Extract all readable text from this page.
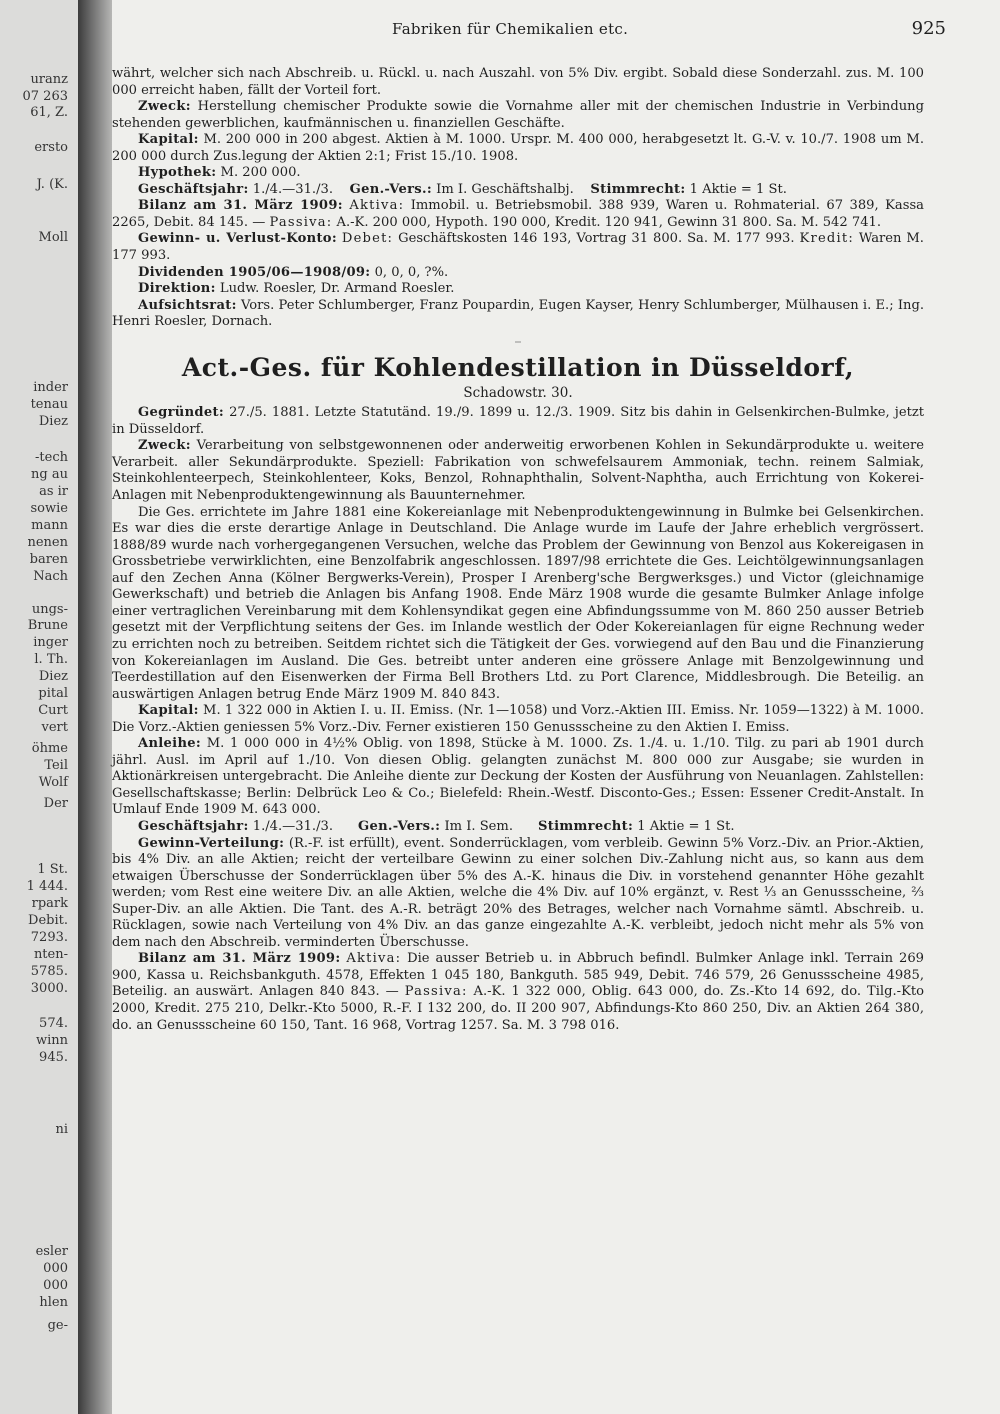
uranz
07 263
61, Z.
ersto
J. (K.
Moll
inder
tenau
Diez
-tech
ng au
as ir
sowie
mann
nenen
baren
Nach
ungs-
Brune
inger
l. Th.
Diez
pital
Curt
vert
öhme
Teil
Wolf
Der
1 St.
1 444.
rpark
Debit.
7293.
nten-
5785.
3000.
574.
winn
945.
ni
esler
000
000
hlen
ge-
Fabriken für Chemikalien etc.	925

währt, welcher sich nach Abschreib. u. Rückl. u. nach Auszahl. von 5% Div. ergibt. Sobald diese Sonderzahl. zus. M. 100 000 erreicht haben, fällt der Vorteil fort.

Zweck: Herstellung chemischer Produkte sowie die Vornahme aller mit der chemischen Industrie in Verbindung stehenden gewerblichen, kaufmännischen u. finanziellen Geschäfte.

Kapital: M. 200 000 in 200 abgest. Aktien à M. 1000. Urspr. M. 400 000, herabgesetzt lt. G.-V. v. 10./7. 1908 um M. 200 000 durch Zus.legung der Aktien 2:1; Frist 15./10. 1908.

Hypothek: M. 200 000.

Geschäftsjahr: 1./4.—31./3. Gen.-Vers.: Im I. Geschäftshalbj. Stimmrecht: 1 Aktie = 1 St.

Bilanz am 31. März 1909: Aktiva: Immobil. u. Betriebsmobil. 388 939, Waren u. Rohmaterial. 67 389, Kassa 2265, Debit. 84 145. — Passiva: A.-K. 200 000, Hypoth. 190 000, Kredit. 120 941, Gewinn 31 800. Sa. M. 542 741.

Gewinn- u. Verlust-Konto: Debet: Geschäftskosten 146 193, Vortrag 31 800. Sa. M. 177 993. Kredit: Waren M. 177 993.

Dividenden 1905/06—1908/09: 0, 0, 0, ?%.

Direktion: Ludw. Roesler, Dr. Armand Roesler.

Aufsichtsrat: Vors. Peter Schlumberger, Franz Poupardin, Eugen Kayser, Henry Schlumberger, Mülhausen i. E.; Ing. Henri Roesler, Dornach.

Act.-Ges. für Kohlendestillation in Düsseldorf,
Schadowstr. 30.

Gegründet: 27./5. 1881. Letzte Statutänd. 19./9. 1899 u. 12./3. 1909. Sitz bis dahin in Gelsenkirchen-Bulmke, jetzt in Düsseldorf.

Zweck: Verarbeitung von selbstgewonnenen oder anderweitig erworbenen Kohlen in Sekundärprodukte u. weitere Verarbeit. aller Sekundärprodukte. Speziell: Fabrikation von schwefelsaurem Ammoniak, techn. reinem Salmiak, Steinkohlenteerpech, Steinkohlenteer, Koks, Benzol, Rohnaphthalin, Solvent-Naphtha, auch Errichtung von Kokerei-Anlagen mit Nebenproduktengewinnung als Bauunternehmer.

Die Ges. errichtete im Jahre 1881 eine Kokereianlage mit Nebenproduktengewinnung in Bulmke bei Gelsenkirchen. Es war dies die erste derartige Anlage in Deutschland. Die Anlage wurde im Laufe der Jahre erheblich vergrössert. 1888/89 wurde nach vorhergegangenen Versuchen, welche das Problem der Gewinnung von Benzol aus Kokereigasen in Grossbetriebe verwirklichten, eine Benzolfabrik angeschlossen. 1897/98 errichtete die Ges. Leichtölgewinnungsanlagen auf den Zechen Anna (Kölner Bergwerks-Verein), Prosper I Arenberg'sche Bergwerksges.) und Victor (gleichnamige Gewerkschaft) und betrieb die Anlagen bis Anfang 1908. Ende März 1908 wurde die gesamte Bulmker Anlage infolge einer vertraglichen Vereinbarung mit dem Kohlensyndikat gegen eine Abfindungssumme von M. 860 250 ausser Betrieb gesetzt mit der Verpflichtung seitens der Ges. im Inlande westlich der Oder Kokereianlagen für eigne Rechnung weder zu errichten noch zu betreiben. Seitdem richtet sich die Tätigkeit der Ges. vorwiegend auf den Bau und die Finanzierung von Kokereianlagen im Ausland. Die Ges. betreibt unter anderen eine grössere Anlage mit Benzolgewinnung und Teerdestillation auf den Eisenwerken der Firma Bell Brothers Ltd. zu Port Clarence, Middlesbrough. Die Beteilig. an auswärtigen Anlagen betrug Ende März 1909 M. 840 843.

Kapital: M. 1 322 000 in Aktien I. u. II. Emiss. (Nr. 1—1058) und Vorz.-Aktien III. Emiss. Nr. 1059—1322) à M. 1000. Die Vorz.-Aktien geniessen 5% Vorz.-Div. Ferner existieren 150 Genussscheine zu den Aktien I. Emiss.

Anleihe: M. 1 000 000 in 4½% Oblig. von 1898, Stücke à M. 1000. Zs. 1./4. u. 1./10. Tilg. zu pari ab 1901 durch jährl. Ausl. im April auf 1./10. Von diesen Oblig. gelangten zunächst M. 800 000 zur Ausgabe; sie wurden in Aktionärkreisen untergebracht. Die Anleihe diente zur Deckung der Kosten der Ausführung von Neuanlagen. Zahlstellen: Gesellschaftskasse; Berlin: Delbrück Leo & Co.; Bielefeld: Rhein.-Westf. Disconto-Ges.; Essen: Essener Credit-Anstalt. In Umlauf Ende 1909 M. 643 000.

Geschäftsjahr: 1./4.—31./3. Gen.-Vers.: Im I. Sem. Stimmrecht: 1 Aktie = 1 St.

Gewinn-Verteilung: (R.-F. ist erfüllt), event. Sonderrücklagen, vom verbleib. Gewinn 5% Vorz.-Div. an Prior.-Aktien, bis 4% Div. an alle Aktien; reicht der verteilbare Gewinn zu einer solchen Div.-Zahlung nicht aus, so kann aus dem etwaigen Überschusse der Sonderrücklagen über 5% des A.-K. hinaus die Div. in vorstehend genannter Höhe gezahlt werden; vom Rest eine weitere Div. an alle Aktien, welche die 4% Div. auf 10% ergänzt, v. Rest ⅓ an Genussscheine, ⅔ Super-Div. an alle Aktien. Die Tant. des A.-R. beträgt 20% des Betrages, welcher nach Vornahme sämtl. Abschreib. u. Rücklagen, sowie nach Verteilung von 4% Div. an das ganze eingezahlte A.-K. verbleibt, jedoch nicht mehr als 5% von dem nach den Abschreib. verminderten Überschusse.

Bilanz am 31. März 1909: Aktiva: Die ausser Betrieb u. in Abbruch befindl. Bulmker Anlage inkl. Terrain 269 900, Kassa u. Reichsbankguth. 4578, Effekten 1 045 180, Bankguth. 585 949, Debit. 746 579, 26 Genussscheine 4985, Beteilig. an auswärt. Anlagen 840 843. — Passiva: A.-K. 1 322 000, Oblig. 643 000, do. Zs.-Kto 14 692, do. Tilg.-Kto 2000, Kredit. 275 210, Delkr.-Kto 5000, R.-F. I 132 200, do. II 200 907, Abfindungs-Kto 860 250, Div. an Aktien 264 380, do. an Genussscheine 60 150, Tant. 16 968, Vortrag 1257. Sa. M. 3 798 016.
